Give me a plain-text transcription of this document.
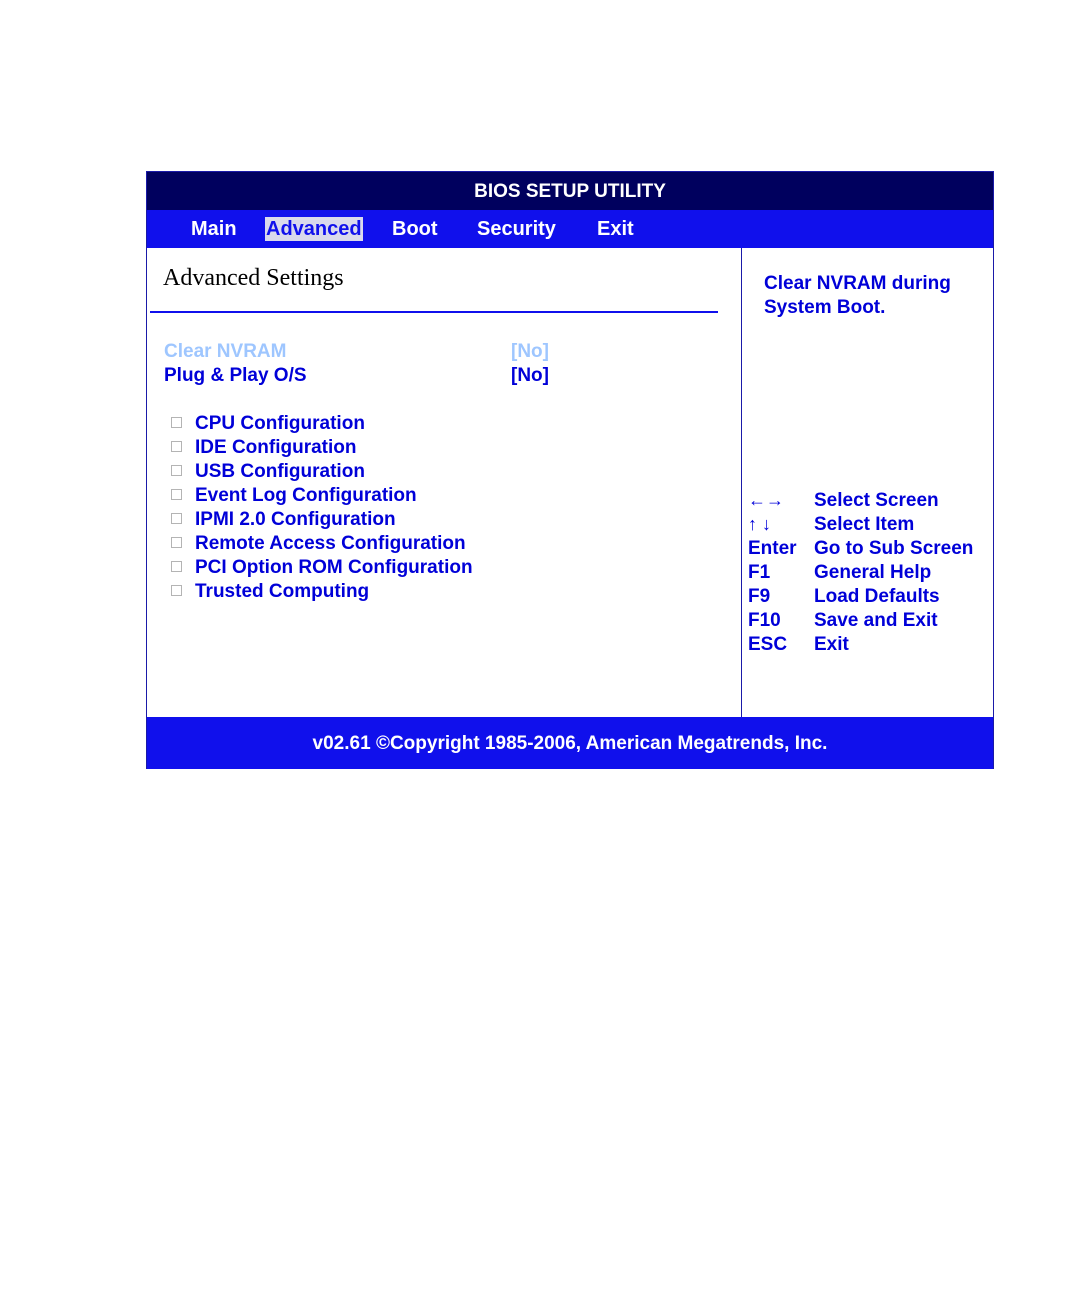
BIOS SETUP UTILITY
Main Advanced Boot Security Exit
Advanced Settings
Clear NVRAM	[No]
Plug & Play O/S	[No]
CPU Configuration
IDE Configuration
USB Configuration
Event Log Configuration
IPMI 2.0 Configuration
Remote Access Configuration
PCI Option ROM Configuration
Trusted Computing
Clear NVRAM during
System Boot.
←→ Select Screen
↑ ↓ Select Item
Enter Go to Sub Screen
F1 General Help
F9 Load Defaults
F10 Save and Exit
ESC Exit
v02.61 ©Copyright 1985-2006, American Megatrends, Inc.
